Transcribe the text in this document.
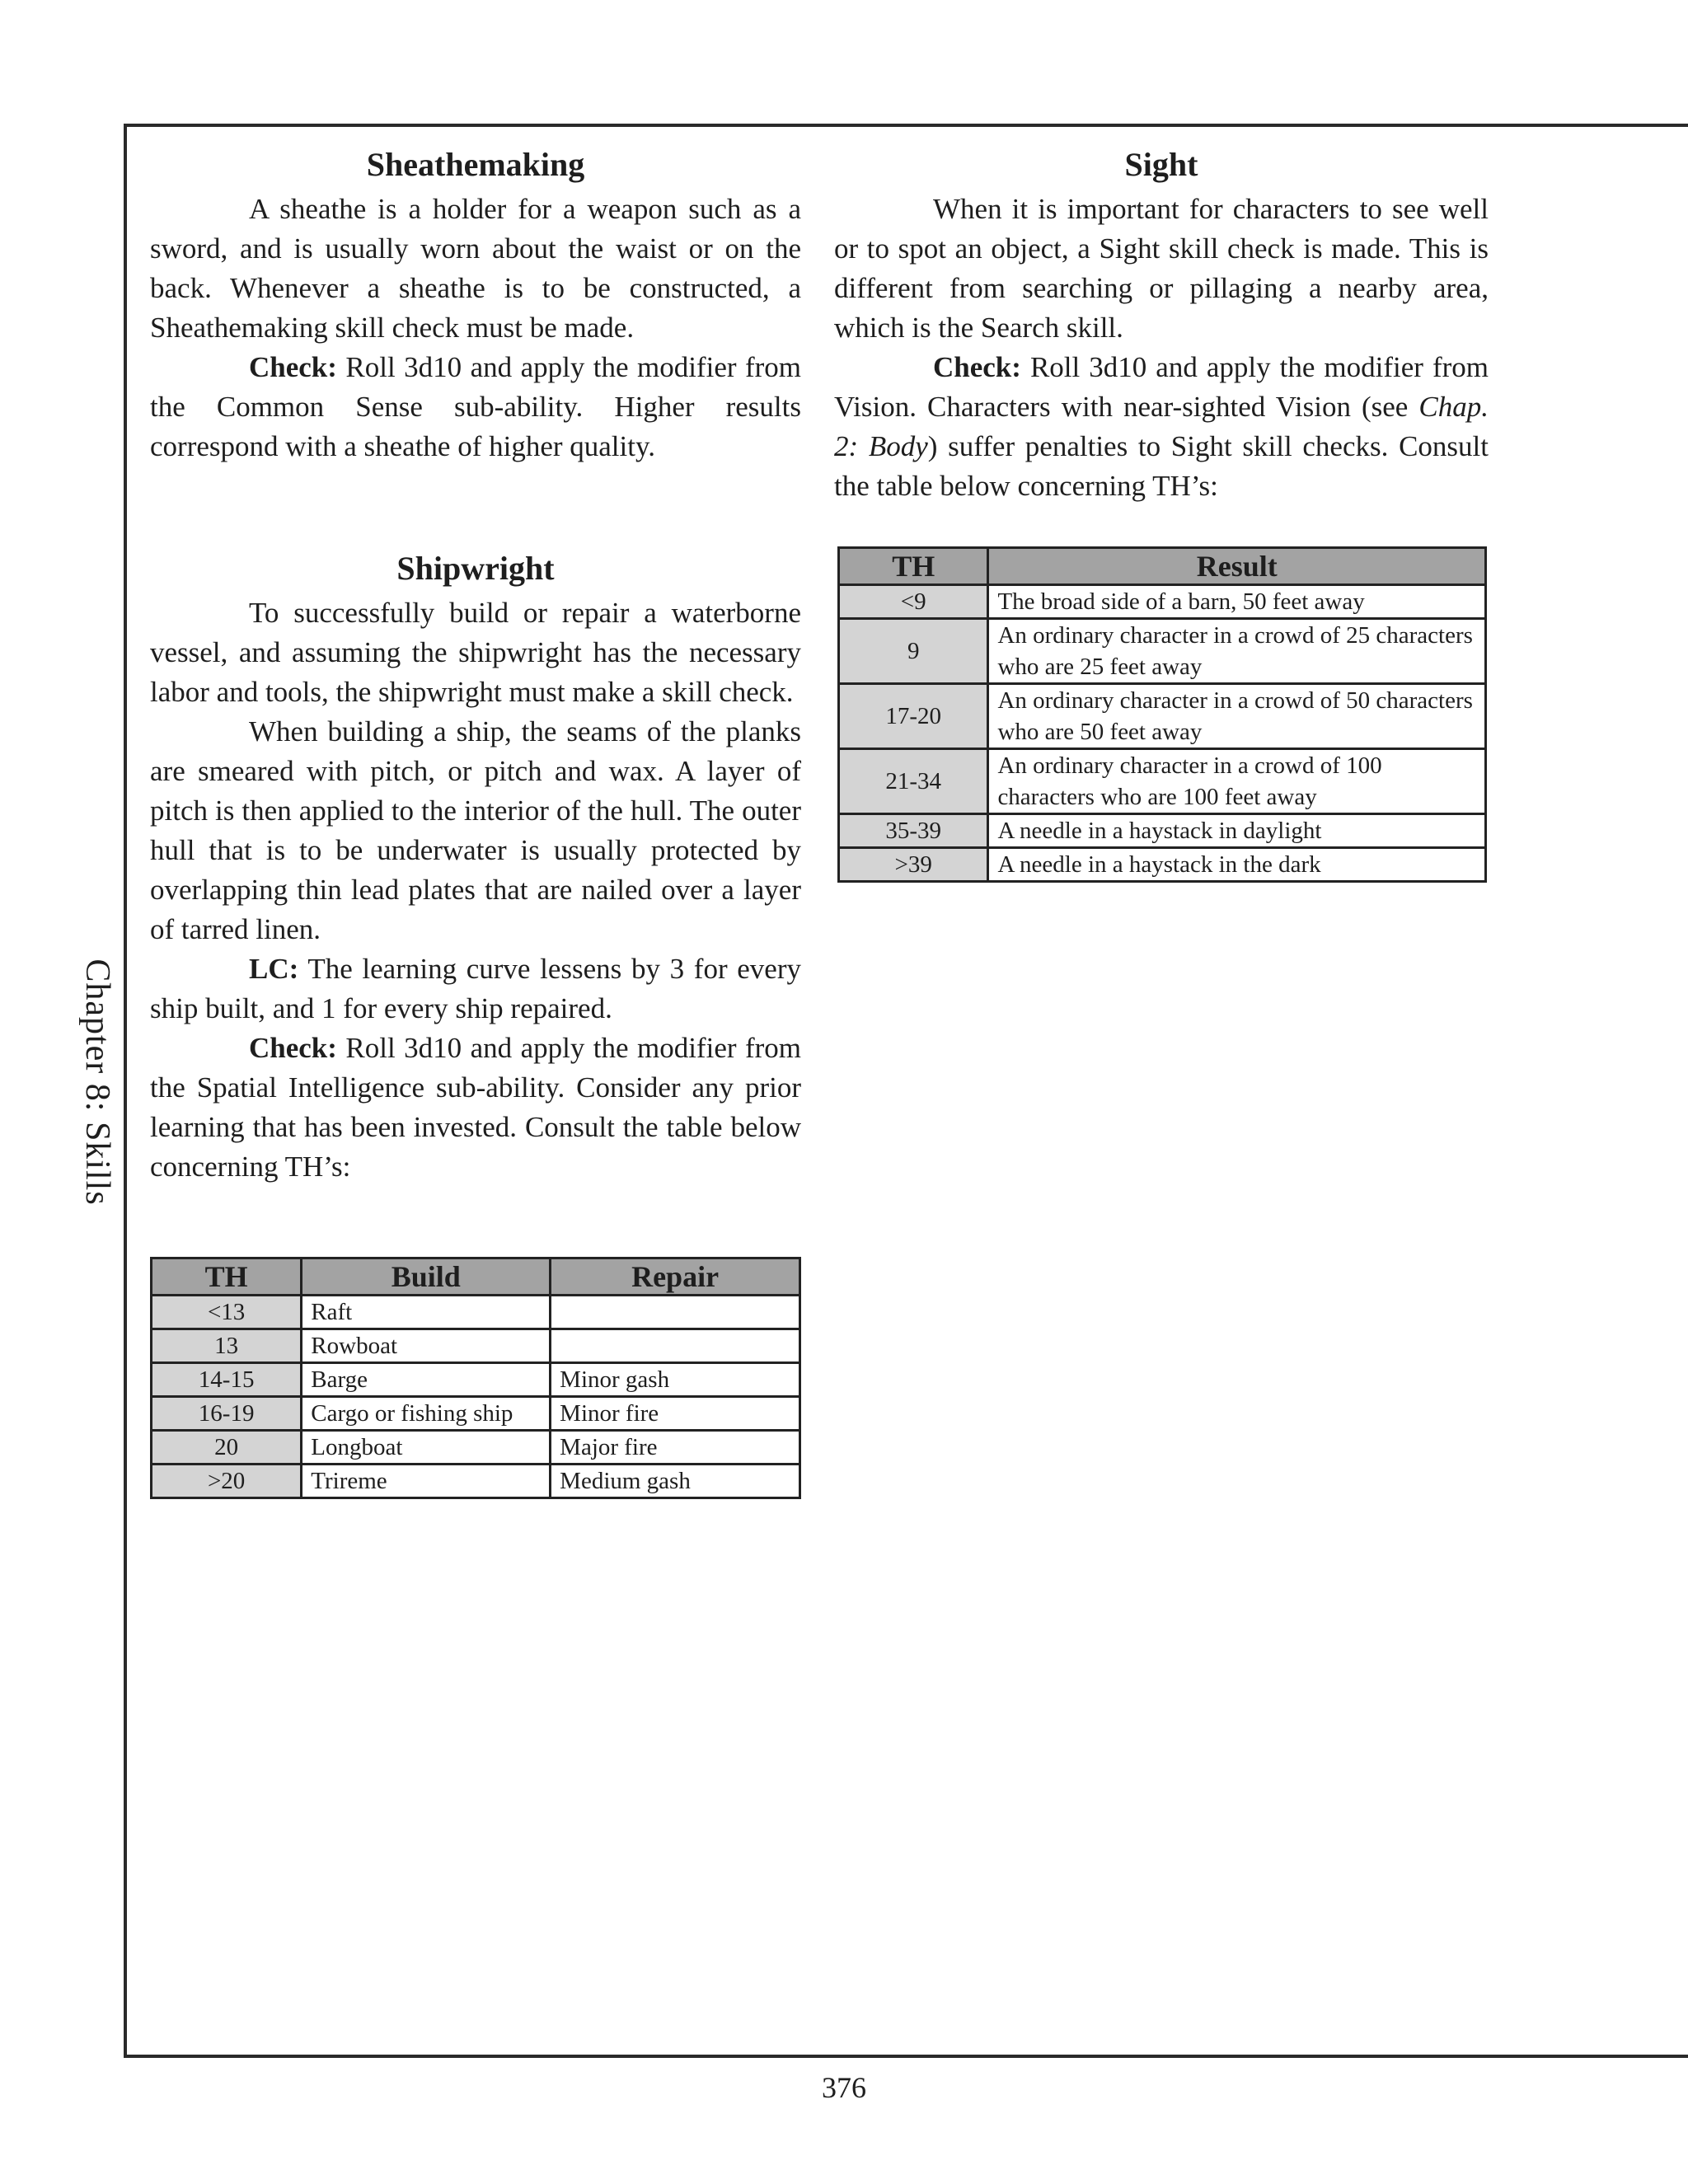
Chapter 8: Skills
Sheathemaking

A sheathe is a holder for a weapon such as a sword, and is usually worn about the waist or on the back. Whenever a sheathe is to be constructed, a Sheathemaking skill check must be made.

Check: Roll 3d10 and apply the modifier from the Common Sense sub-ability. Higher results correspond with a sheathe of higher quality.

Shipwright

To successfully build or repair a waterborne vessel, and assuming the shipwright has the necessary labor and tools, the shipwright must make a skill check.

When building a ship, the seams of the planks are smeared with pitch, or pitch and wax. A layer of pitch is then applied to the interior of the hull. The outer hull that is to be underwater is usually protected by overlapping thin lead plates that are nailed over a layer of tarred linen.

LC: The learning curve lessens by 3 for every ship built, and 1 for every ship repaired.

Check: Roll 3d10 and apply the modifier from the Spatial Intelligence sub-ability. Consider any prior learning that has been invested. Consult the table below concerning TH’s:

TH	Build	Repair
<13	Raft	
13	Rowboat	
14-15	Barge	Minor gash
16-19	Cargo or fishing ship	Minor fire
20	Longboat	Major fire
>20	Trireme	Medium gash
Sight

When it is important for characters to see well or to spot an object, a Sight skill check is made. This is different from searching or pillaging a nearby area, which is the Search skill.

Check: Roll 3d10 and apply the modifier from Vision. Characters with near-sighted Vision (see Chap. 2: Body) suffer penalties to Sight skill checks. Consult the table below concerning TH’s:

TH	Result
<9	The broad side of a barn, 50 feet away
9	An ordinary character in a crowd of 25 characters who are 25 feet away
17-20	An ordinary character in a crowd of 50 characters who are 50 feet away
21-34	An ordinary character in a crowd of 100 characters who are 100 feet away
35-39	A needle in a haystack in daylight
>39	A needle in a haystack in the dark
376
